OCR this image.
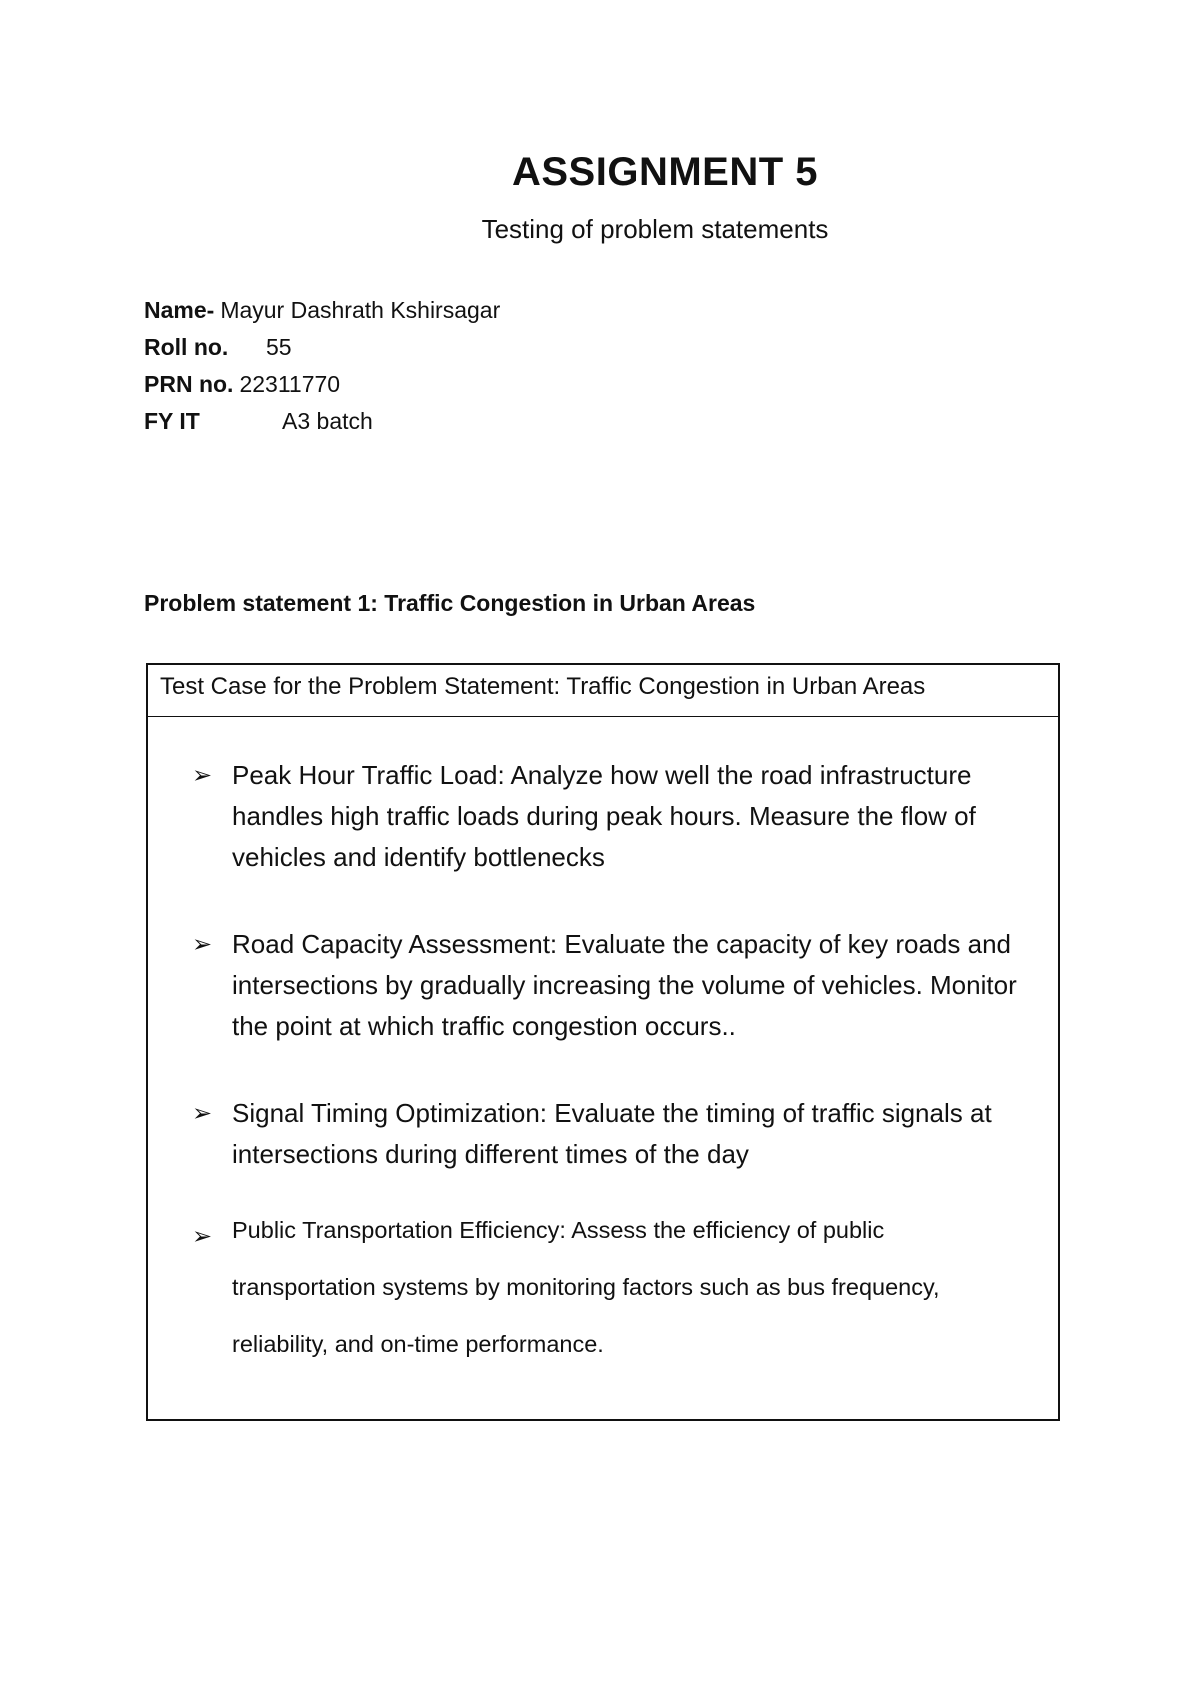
ASSIGNMENT 5
Testing of problem statements
Name- Mayur Dashrath Kshirsagar
Roll no.	55
PRN no. 22311770
FY IT	A3 batch
Problem statement 1: Traffic Congestion in Urban Areas
Test Case for the Problem Statement: Traffic Congestion in Urban Areas
➢ Peak Hour Traffic Load: Analyze how well the road infrastructure handles high traffic loads during peak hours. Measure the flow of vehicles and identify bottlenecks
➢ Road Capacity Assessment: Evaluate the capacity of key roads and intersections by gradually increasing the volume of vehicles. Monitor the point at which traffic congestion occurs..
➢ Signal Timing Optimization: Evaluate the timing of traffic signals at intersections during different times of the day
➢ Public Transportation Efficiency: Assess the efficiency of public transportation systems by monitoring factors such as bus frequency, reliability, and on-time performance.
